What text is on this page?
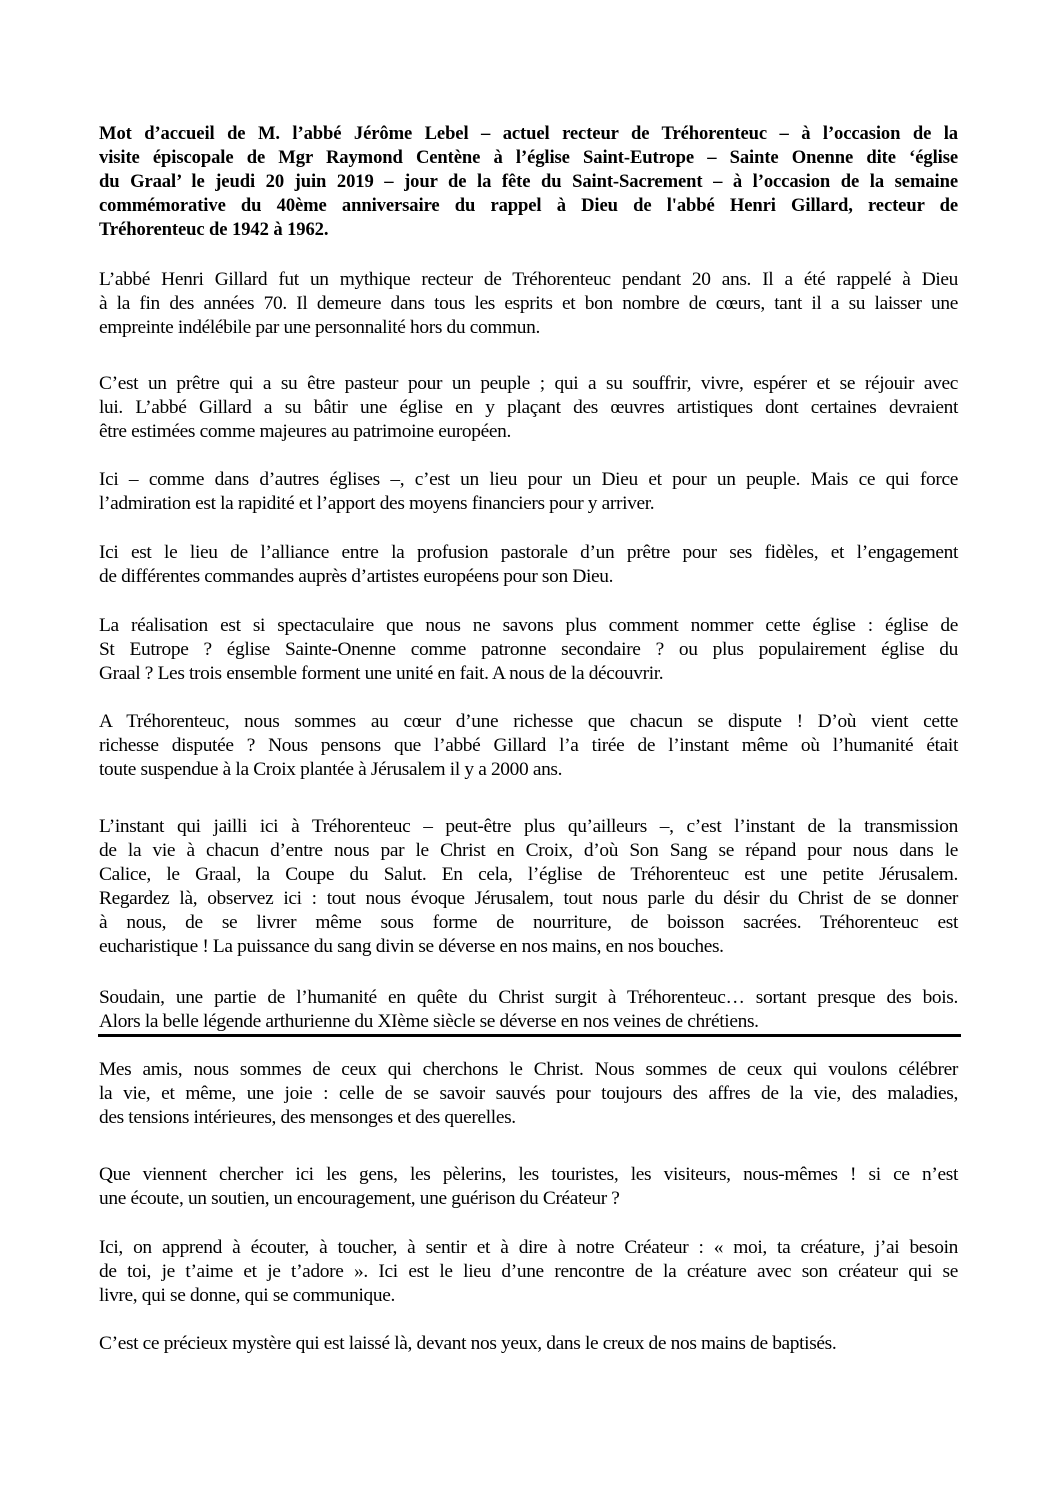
Mot d’accueil de M. l’abbé Jérôme Lebel – actuel recteur de Tréhorenteuc – à l’occasion de la
visite épiscopale de Mgr Raymond Centène à l’église Saint-Eutrope – Sainte Onenne dite ‘église
du Graal’ le jeudi 20 juin 2019 – jour de la fête du Saint-Sacrement – à l’occasion de la semaine
commémorative du 40ème anniversaire du rappel à Dieu de l'abbé Henri Gillard, recteur de
Tréhorenteuc de 1942 à 1962.
L’abbé Henri Gillard fut un mythique recteur de Tréhorenteuc pendant 20 ans. Il a été rappelé à Dieu
à la fin des années 70. Il demeure dans tous les esprits et bon nombre de cœurs, tant il a su laisser une
empreinte indélébile par une personnalité hors du commun.
C’est un prêtre qui a su être pasteur pour un peuple ; qui a su souffrir, vivre, espérer et se réjouir avec
lui. L’abbé Gillard a su bâtir une église en y plaçant des œuvres artistiques dont certaines devraient
être estimées comme majeures au patrimoine européen.
Ici – comme dans d’autres églises –, c’est un lieu pour un Dieu et pour un peuple. Mais ce qui force
l’admiration est la rapidité et l’apport des moyens financiers pour y arriver.
Ici est le lieu de l’alliance entre la profusion pastorale d’un prêtre pour ses fidèles, et l’engagement
de différentes commandes auprès d’artistes européens pour son Dieu.
La réalisation est si spectaculaire que nous ne savons plus comment nommer cette église : église de
St Eutrope ? église Sainte-Onenne comme patronne secondaire ? ou plus populairement église du
Graal ? Les trois ensemble forment une unité en fait. A nous de la découvrir.
A Tréhorenteuc, nous sommes au cœur d’une richesse que chacun se dispute ! D’où vient cette
richesse disputée ? Nous pensons que l’abbé Gillard l’a tirée de l’instant même où l’humanité était
toute suspendue à la Croix plantée à Jérusalem il y a 2000 ans.
L’instant qui jailli ici à Tréhorenteuc – peut-être plus qu’ailleurs –, c’est l’instant de la transmission
de la vie à chacun d’entre nous par le Christ en Croix, d’où Son Sang se répand pour nous dans le
Calice, le Graal, la Coupe du Salut. En cela, l’église de Tréhorenteuc est une petite Jérusalem.
Regardez là, observez ici : tout nous évoque Jérusalem, tout nous parle du désir du Christ de se donner
à nous, de se livrer même sous forme de nourriture, de boisson sacrées. Tréhorenteuc est
eucharistique ! La puissance du sang divin se déverse en nos mains, en nos bouches.
Soudain, une partie de l’humanité en quête du Christ surgit à Tréhorenteuc… sortant presque des bois.
Alors la belle légende arthurienne du XIème siècle se déverse en nos veines de chrétiens.
Mes amis, nous sommes de ceux qui cherchons le Christ. Nous sommes de ceux qui voulons célébrer
la vie, et même, une joie : celle de se savoir sauvés pour toujours des affres de la vie, des maladies,
des tensions intérieures, des mensonges et des querelles.
Que viennent chercher ici les gens, les pèlerins, les touristes, les visiteurs, nous-mêmes ! si ce n’est
une écoute, un soutien, un encouragement, une guérison du Créateur ?
Ici, on apprend à écouter, à toucher, à sentir et à dire à notre Créateur : « moi, ta créature, j’ai besoin
de toi, je t’aime et je t’adore ». Ici est le lieu d’une rencontre de la créature avec son créateur qui se
livre, qui se donne, qui se communique.
C’est ce précieux mystère qui est laissé là, devant nos yeux, dans le creux de nos mains de baptisés.
